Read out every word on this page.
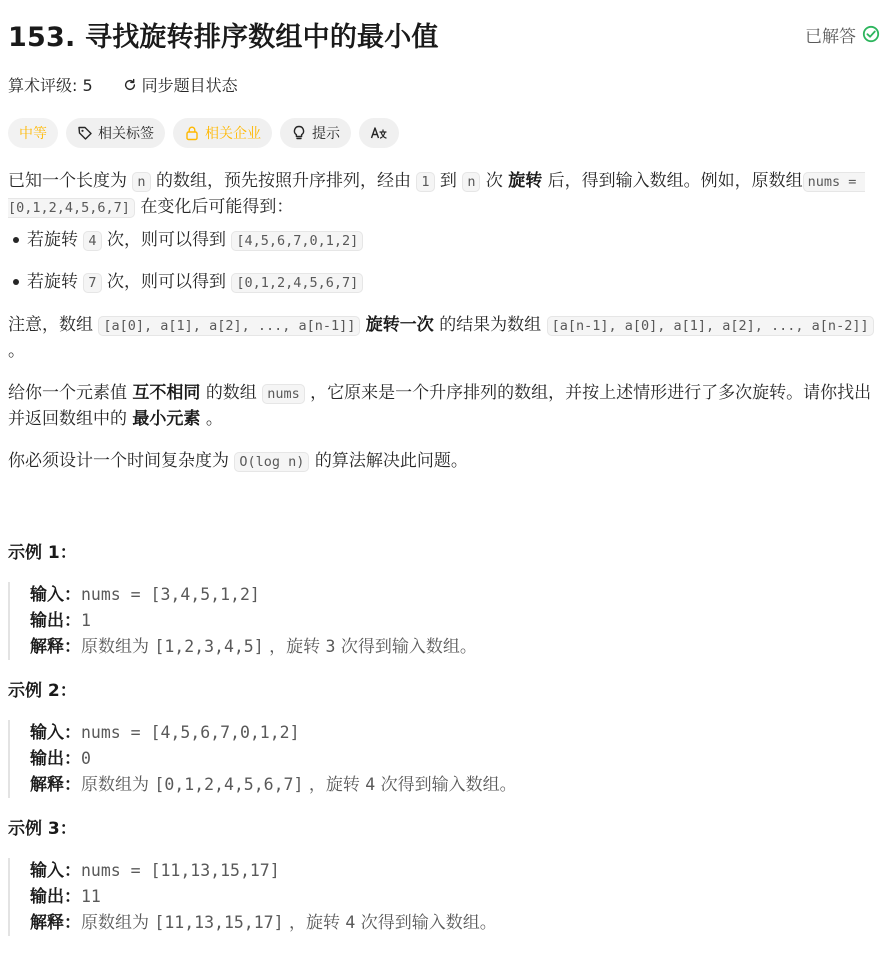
153. 寻找旋转排序数组中的最小值	已解答
算术评级: 5	同步题目状态
中等	相关标签	相关企业	提示

已知一个长度为 n 的数组，预先按照升序排列，经由 1 到 n 次 旋转 后，得到输入数组。例如，原数组 nums = [0,1,2,4,5,6,7] 在变化后可能得到：

若旋转 4 次，则可以得到 [4,5,6,7,0,1,2]
若旋转 7 次，则可以得到 [0,1,2,4,5,6,7]

注意，数组 [a[0], a[1], a[2], ..., a[n-1]] 旋转一次 的结果为数组 [a[n-1], a[0], a[1], a[2], ..., a[n-2]] 。

给你一个元素值 互不相同 的数组 nums ，它原来是一个升序排列的数组，并按上述情形进行了多次旋转。请你找出并返回数组中的 最小元素 。

你必须设计一个时间复杂度为 O(log n) 的算法解决此问题。

示例 1：
输入：nums = [3,4,5,1,2]
输出：1
解释：原数组为 [1,2,3,4,5] ，旋转 3 次得到输入数组。
示例 2：
输入：nums = [4,5,6,7,0,1,2]
输出：0
解释：原数组为 [0,1,2,4,5,6,7] ，旋转 4 次得到输入数组。
示例 3：
输入：nums = [11,13,15,17]
输出：11
解释：原数组为 [11,13,15,17] ，旋转 4 次得到输入数组。
